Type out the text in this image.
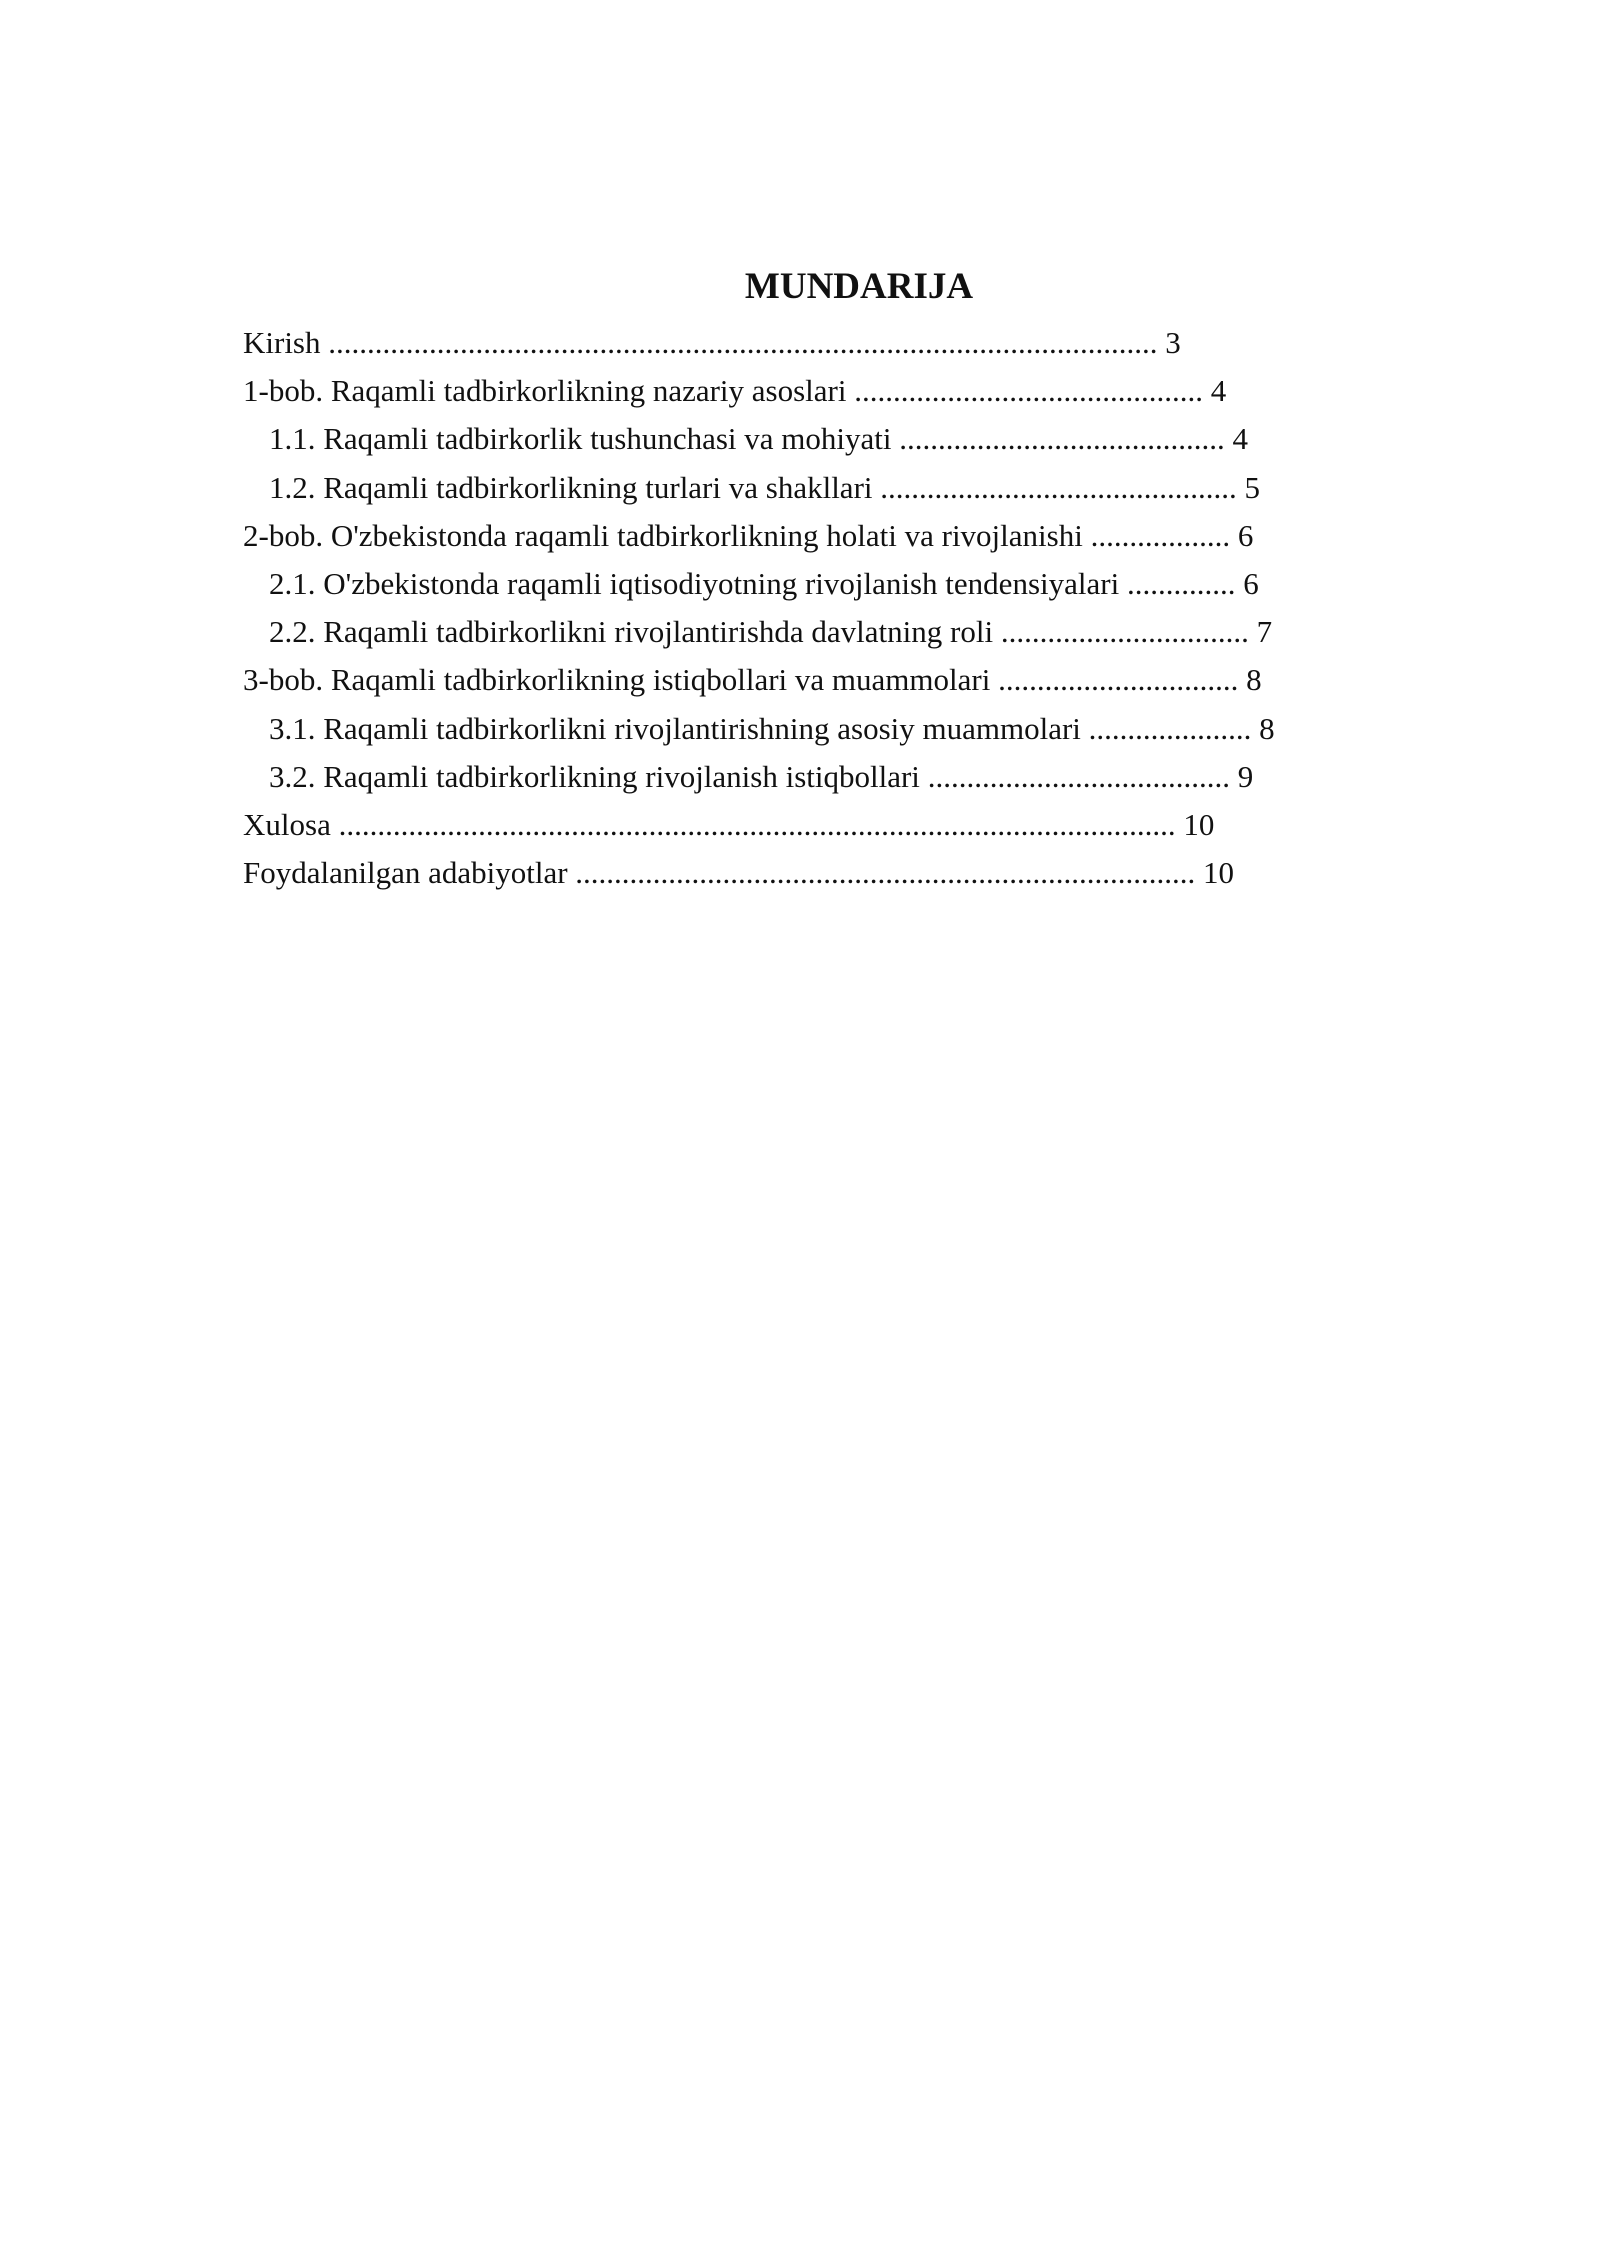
MUNDARIJA
Kirish ........................................................................................................... 3
1-bob. Raqamli tadbirkorlikning nazariy asoslari ............................................. 4
1.1. Raqamli tadbirkorlik tushunchasi va mohiyati .......................................... 4
1.2. Raqamli tadbirkorlikning turlari va shakllari .............................................. 5
2-bob. O'zbekistonda raqamli tadbirkorlikning holati va rivojlanishi .................. 6
2.1. O'zbekistonda raqamli iqtisodiyotning rivojlanish tendensiyalari .............. 6
2.2. Raqamli tadbirkorlikni rivojlantirishda davlatning roli ................................ 7
3-bob. Raqamli tadbirkorlikning istiqbollari va muammolari ............................... 8
3.1. Raqamli tadbirkorlikni rivojlantirishning asosiy muammolari ..................... 8
3.2. Raqamli tadbirkorlikning rivojlanish istiqbollari ....................................... 9
Xulosa ............................................................................................................ 10
Foydalanilgan adabiyotlar ................................................................................ 10
